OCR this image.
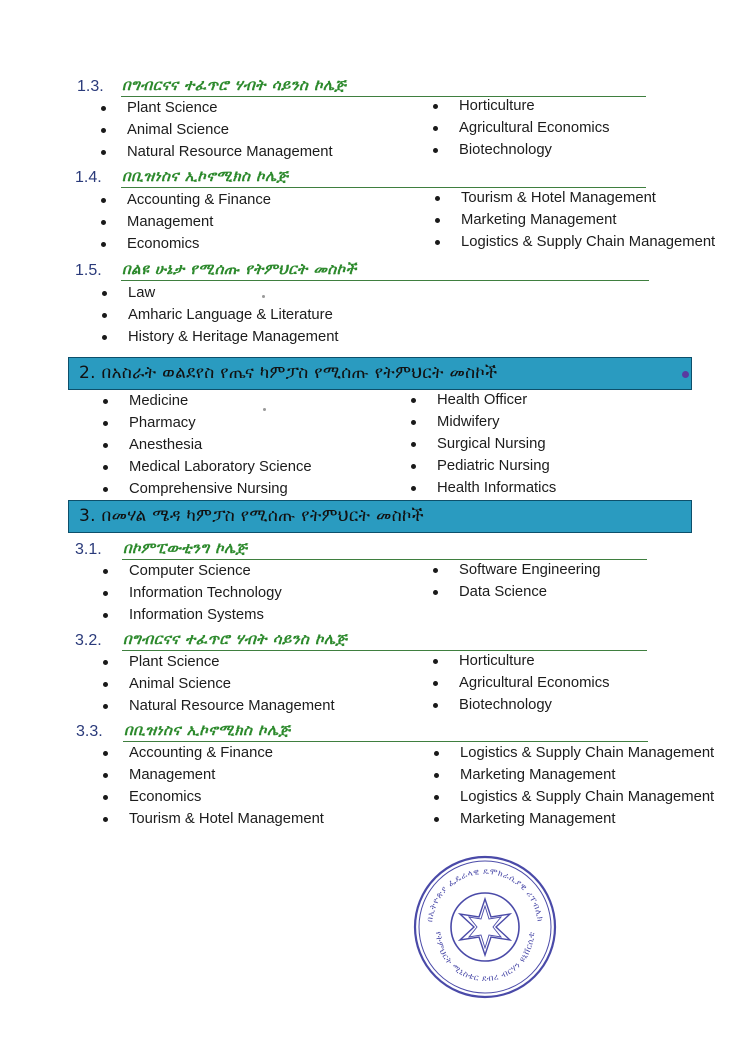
1.3. በግብርናና ተፈጥሮ ሃብት ሳይንስ ኮሌጅ
Plant Science
Animal Science
Natural Resource Management
Horticulture
Agricultural Economics
Biotechnology
1.4. በቢዝነስና ኢኮኖሚክስ ኮሌጅ
Accounting & Finance
Management
Economics
Tourism & Hotel Management
Marketing Management
Logistics & Supply Chain Management
1.5. በልዩ ሁኔታ የሚሰጡ የትምህርት መስኮች
Law
Amharic Language & Literature
History & Heritage Management
2. በአስራት ወልደየስ የጤና ካምፓስ የሚሰጡ የትምህርት መስኮች
Medicine
Pharmacy
Anesthesia
Medical Laboratory Science
Comprehensive Nursing
Health Officer
Midwifery
Surgical Nursing
Pediatric Nursing
Health Informatics
3. በመሃል ሜዳ ካምፓስ የሚሰጡ የትምህርት መስኮች
3.1. በኮምፒውቲንግ ኮሌጅ
Computer Science
Information Technology
Information Systems
Software Engineering
Data Science
3.2. በግብርናና ተፈጥሮ ሃብት ሳይንስ ኮሌጅ
Plant Science
Animal Science
Natural Resource Management
Horticulture
Agricultural Economics
Biotechnology
3.3. በቢዝነስና ኢኮኖሚክስ ኮሌጅ
Accounting & Finance
Management
Economics
Tourism & Hotel Management
Logistics & Supply Chain Management
Marketing Management
Logistics & Supply Chain Management
Marketing Management
በኢትዮጵያ ፌዴራላዊ ዴሞክራሲያዊ ሪፐብሊክ
የትምህርት ሚኒስቴር ደብረ ብርሃን ዩኒቨርሲቲ
